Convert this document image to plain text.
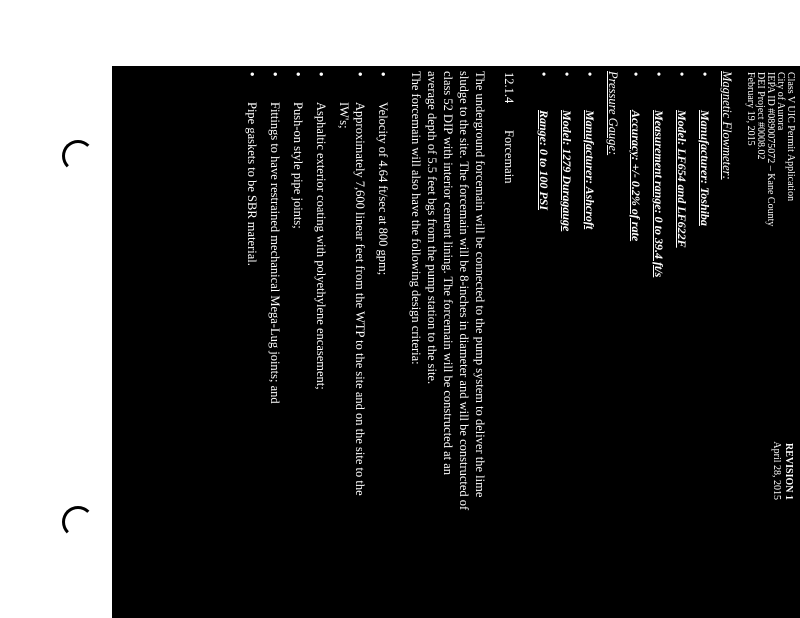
Class V UIC Permit Application
City of Aurora
IEPA ID #0890075072 – Kane County
DEI Project #0008.02
February 19, 2015
REVISION 1
April 28, 2015
Magnetic Flowmeter:
•
Manufacturer: Toshiba
•
Model: LF654 and LF622F
•
Measurement range: 0 to 39.4 ft/s
•
Accuracy: +/- 0.2% of rate
Pressure Gauge:
•
Manufacturer: Ashcroft
•
Model: 1279 Duragauge
•
Range: 0 to 100 PSI
12.1.4
Forcemain
The underground forcemain will be connected to the pump system to deliver the lime
sludge to the site. The forcemain will be 8-inches in diameter and will be constructed of
class 52 DIP with interior cement lining. The forcemain will be constructed at an
average depth of 5.5 feet bgs from the pump station to the site.
The forcemain will also have the following design criteria:
•
Velocity of 4.64 ft/sec at 800 gpm;
•
Approximately 7,600 linear feet from the WTP to the site and on the site to the
IW's;
•
Asphaltic exterior coating with polyethylene encasement;
•
Push-on style pipe joints;
•
Fittings to have restrained mechanical Mega-Lug joints; and
•
Pipe gaskets to be SBR material.
